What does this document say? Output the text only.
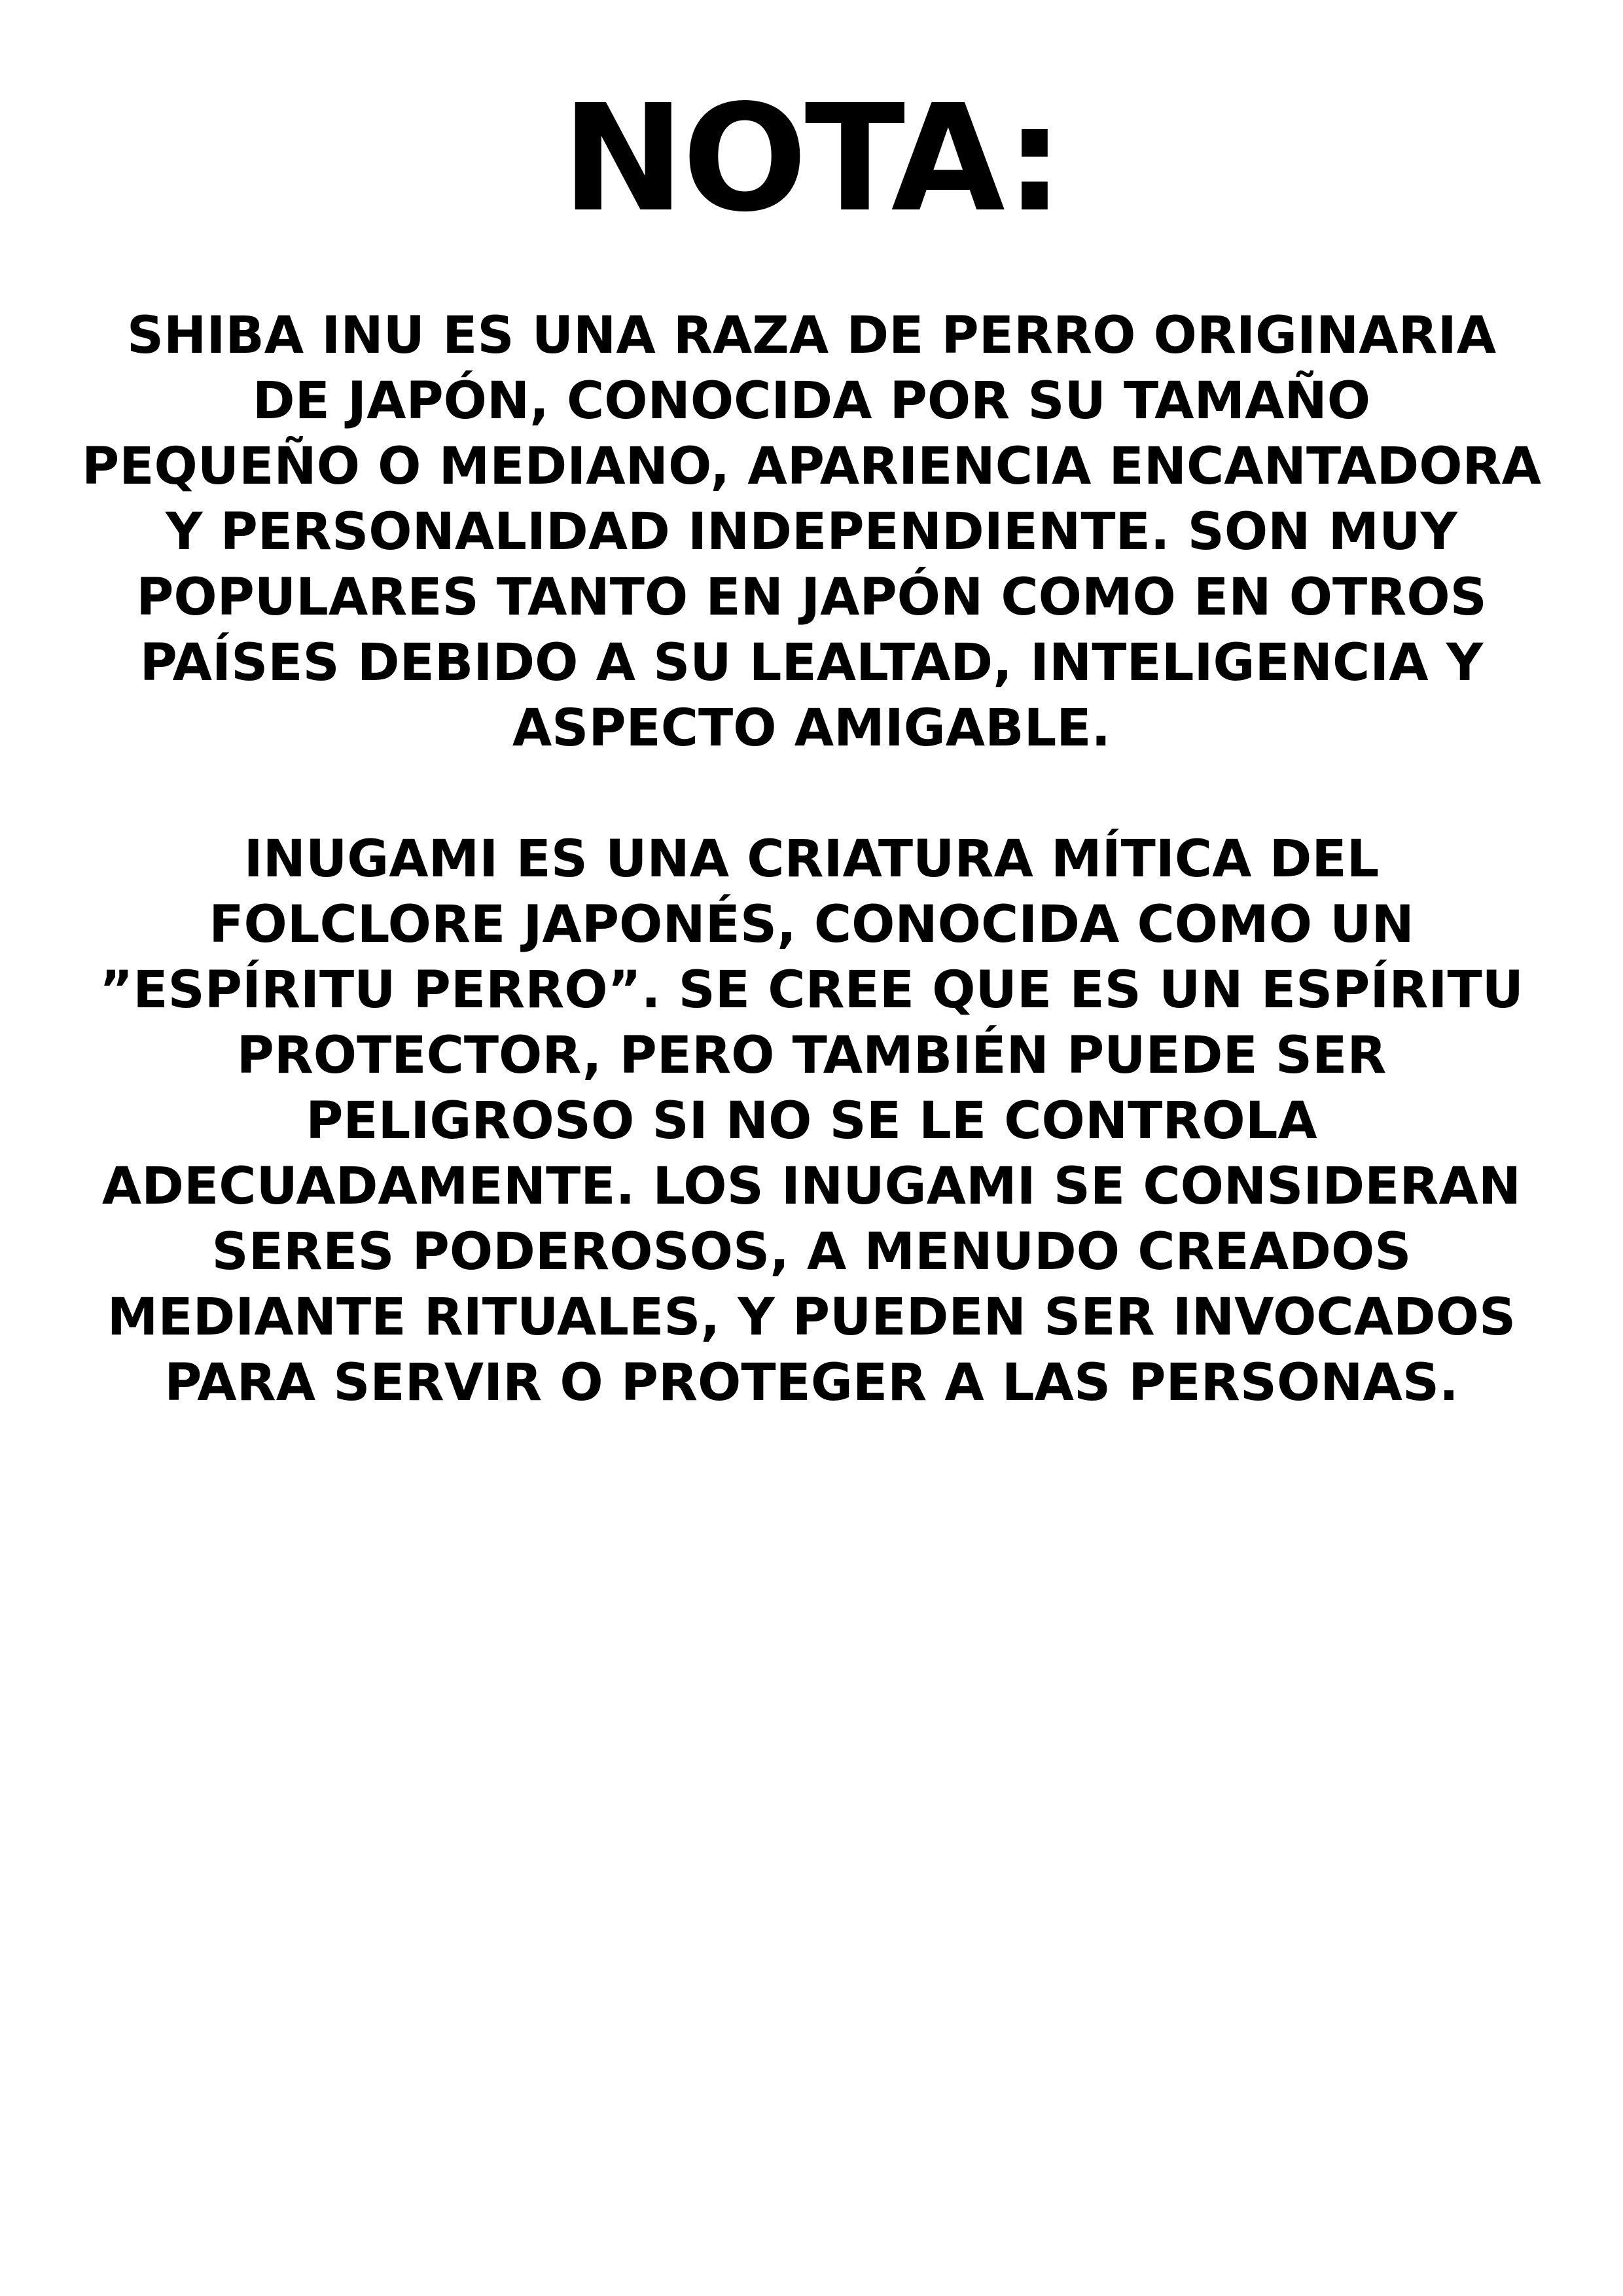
NOTA:
SHIBA INU ES UNA RAZA DE PERRO ORIGINARIA
DE JAPÓN, CONOCIDA POR SU TAMAÑO
PEQUEÑO O MEDIANO, APARIENCIA ENCANTADORA
Y PERSONALIDAD INDEPENDIENTE. SON MUY
POPULARES TANTO EN JAPÓN COMO EN OTROS
PAÍSES DEBIDO A SU LEALTAD, INTELIGENCIA Y
ASPECTO AMIGABLE.
INUGAMI ES UNA CRIATURA MÍTICA DEL
FOLCLORE JAPONÉS, CONOCIDA COMO UN
”ESPÍRITU PERRO”. SE CREE QUE ES UN ESPÍRITU
PROTECTOR, PERO TAMBIÉN PUEDE SER
PELIGROSO SI NO SE LE CONTROLA
ADECUADAMENTE. LOS INUGAMI SE CONSIDERAN
SERES PODEROSOS, A MENUDO CREADOS
MEDIANTE RITUALES, Y PUEDEN SER INVOCADOS
PARA SERVIR O PROTEGER A LAS PERSONAS.
